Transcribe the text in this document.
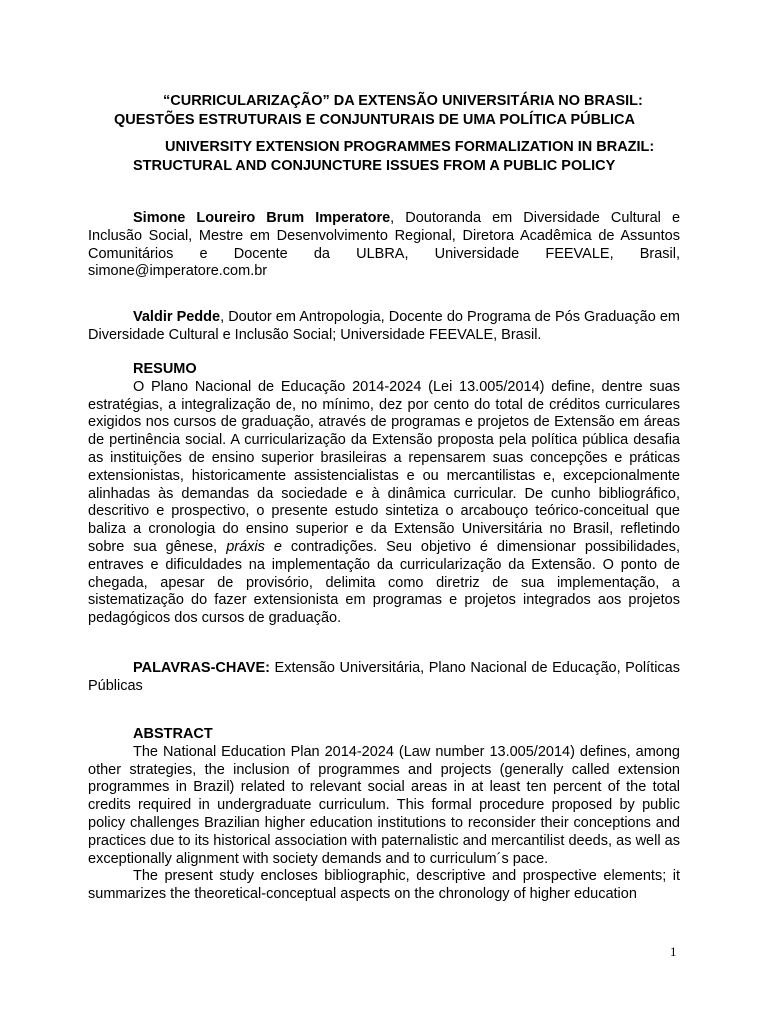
“CURRICULARIZAÇÃO” DA EXTENSÃO UNIVERSITÁRIA NO BRASIL:
QUESTÕES ESTRUTURAIS E CONJUNTURAIS DE UMA POLÍTICA PÚBLICA
UNIVERSITY EXTENSION PROGRAMMES FORMALIZATION IN BRAZIL:
STRUCTURAL AND CONJUNCTURE ISSUES FROM A PUBLIC POLICY

Simone Loureiro Brum Imperatore, Doutoranda em Diversidade Cultural e Inclusão Social, Mestre em Desenvolvimento Regional, Diretora Acadêmica de Assuntos Comunitários e Docente da ULBRA, Universidade FEEVALE, Brasil, simone@imperatore.com.br

Valdir Pedde, Doutor em Antropologia, Docente do Programa de Pós Graduação em Diversidade Cultural e Inclusão Social; Universidade FEEVALE, Brasil.

RESUMO

O Plano Nacional de Educação 2014-2024 (Lei 13.005/2014) define, dentre suas estratégias, a integralização de, no mínimo, dez por cento do total de créditos curriculares exigidos nos cursos de graduação, através de programas e projetos de Extensão em áreas de pertinência social. A curricularização da Extensão proposta pela política pública desafia as instituições de ensino superior brasileiras a repensarem suas concepções e práticas extensionistas, historicamente assistencialistas e ou mercantilistas e, excepcionalmente alinhadas às demandas da sociedade e à dinâmica curricular. De cunho bibliográfico, descritivo e prospectivo, o presente estudo sintetiza o arcabouço teórico-conceitual que baliza a cronologia do ensino superior e da Extensão Universitária no Brasil, refletindo sobre sua gênese, práxis e contradições. Seu objetivo é dimensionar possibilidades, entraves e dificuldades na implementação da curricularização da Extensão. O ponto de chegada, apesar de provisório, delimita como diretriz de sua implementação, a sistematização do fazer extensionista em programas e projetos integrados aos projetos pedagógicos dos cursos de graduação.

PALAVRAS-CHAVE: Extensão Universitária, Plano Nacional de Educação, Políticas Públicas

ABSTRACT

The National Education Plan 2014-2024 (Law number 13.005/2014) defines, among other strategies, the inclusion of programmes and projects (generally called extension programmes in Brazil) related to relevant social areas in at least ten percent of the total credits required in undergraduate curriculum. This formal procedure proposed by public policy challenges Brazilian higher education institutions to reconsider their conceptions and practices due to its historical association with paternalistic and mercantilist deeds, as well as exceptionally alignment with society demands and to curriculum´s pace.

The present study encloses bibliographic, descriptive and prospective elements; it summarizes the theoretical-conceptual aspects on the chronology of higher education

1
